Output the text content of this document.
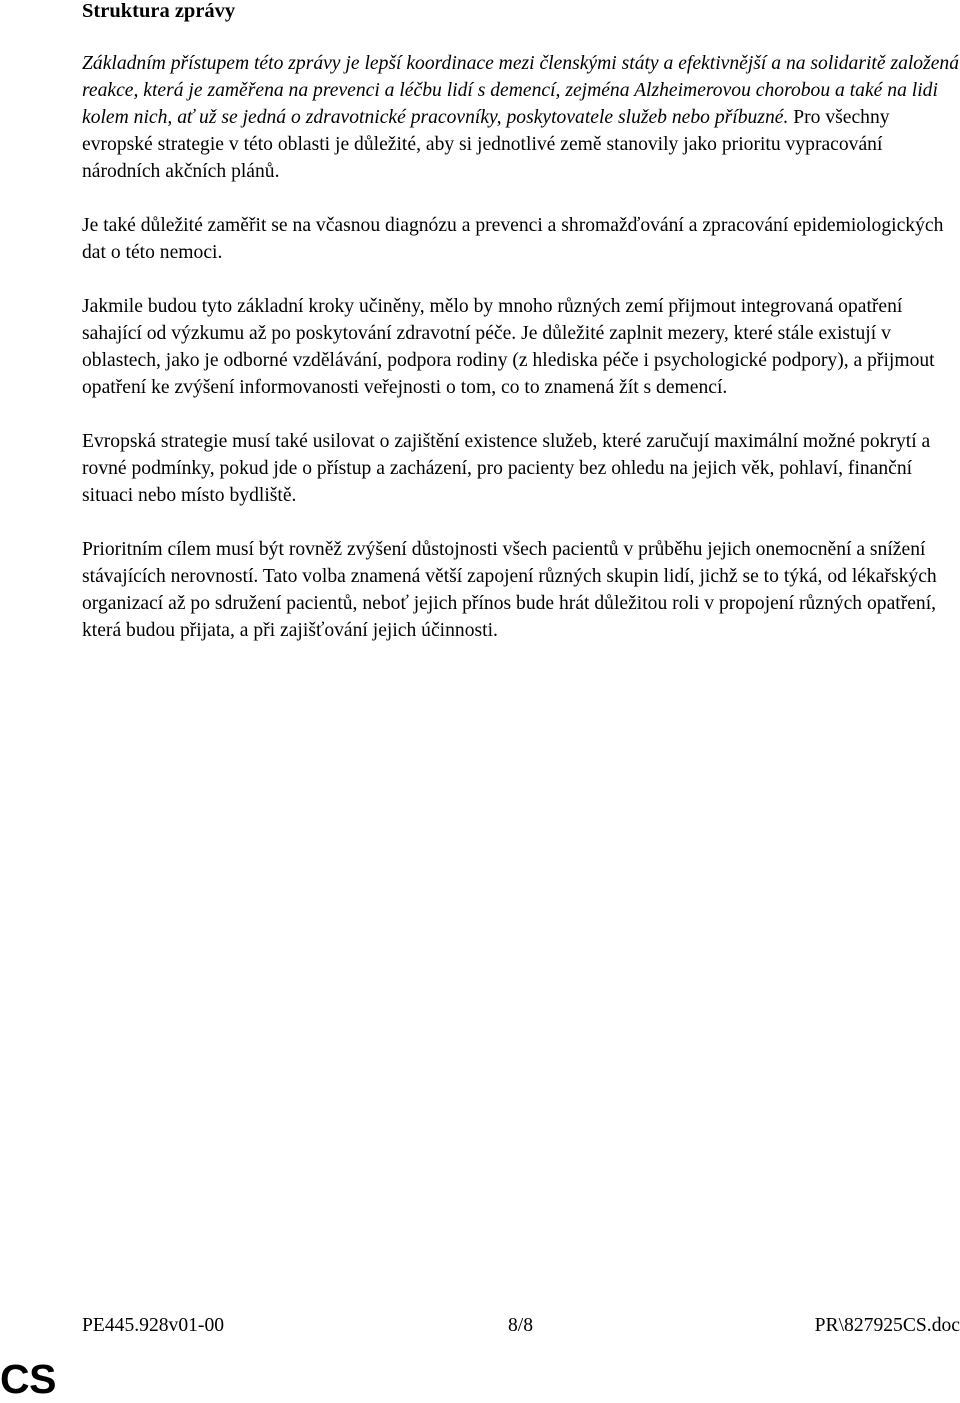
Struktura zprávy

Základním přístupem této zprávy je lepší koordinace mezi členskými státy a efektivnější a na solidaritě založená reakce, která je zaměřena na prevenci a léčbu lidí s demencí, zejména Alzheimerovou chorobou a také na lidi kolem nich, ať už se jedná o zdravotnické pracovníky, poskytovatele služeb nebo příbuzné. Pro všechny evropské strategie v této oblasti je důležité, aby si jednotlivé země stanovily jako prioritu vypracování národních akčních plánů.

Je také důležité zaměřit se na včasnou diagnózu a prevenci a shromažďování a zpracování epidemiologických dat o této nemoci.

Jakmile budou tyto základní kroky učiněny, mělo by mnoho různých zemí přijmout integrovaná opatření sahající od výzkumu až po poskytování zdravotní péče. Je důležité zaplnit mezery, které stále existují v oblastech, jako je odborné vzdělávání, podpora rodiny (z hlediska péče i psychologické podpory), a přijmout opatření ke zvýšení informovanosti veřejnosti o tom, co to znamená žít s demencí.

Evropská strategie musí také usilovat o zajištění existence služeb, které zaručují maximální možné pokrytí a rovné podmínky, pokud jde o přístup a zacházení, pro pacienty bez ohledu na jejich věk, pohlaví, finanční situaci nebo místo bydliště.

Prioritním cílem musí být rovněž zvýšení důstojnosti všech pacientů v průběhu jejich onemocnění a snížení stávajících nerovností. Tato volba znamená větší zapojení různých skupin lidí, jichž se to týká, od lékařských organizací až po sdružení pacientů, neboť jejich přínos bude hrát důležitou roli v propojení různých opatření, která budou přijata, a při zajišťování jejich účinnosti.

PE445.928v01-00	8/8	PR\827925CS.doc
CS
